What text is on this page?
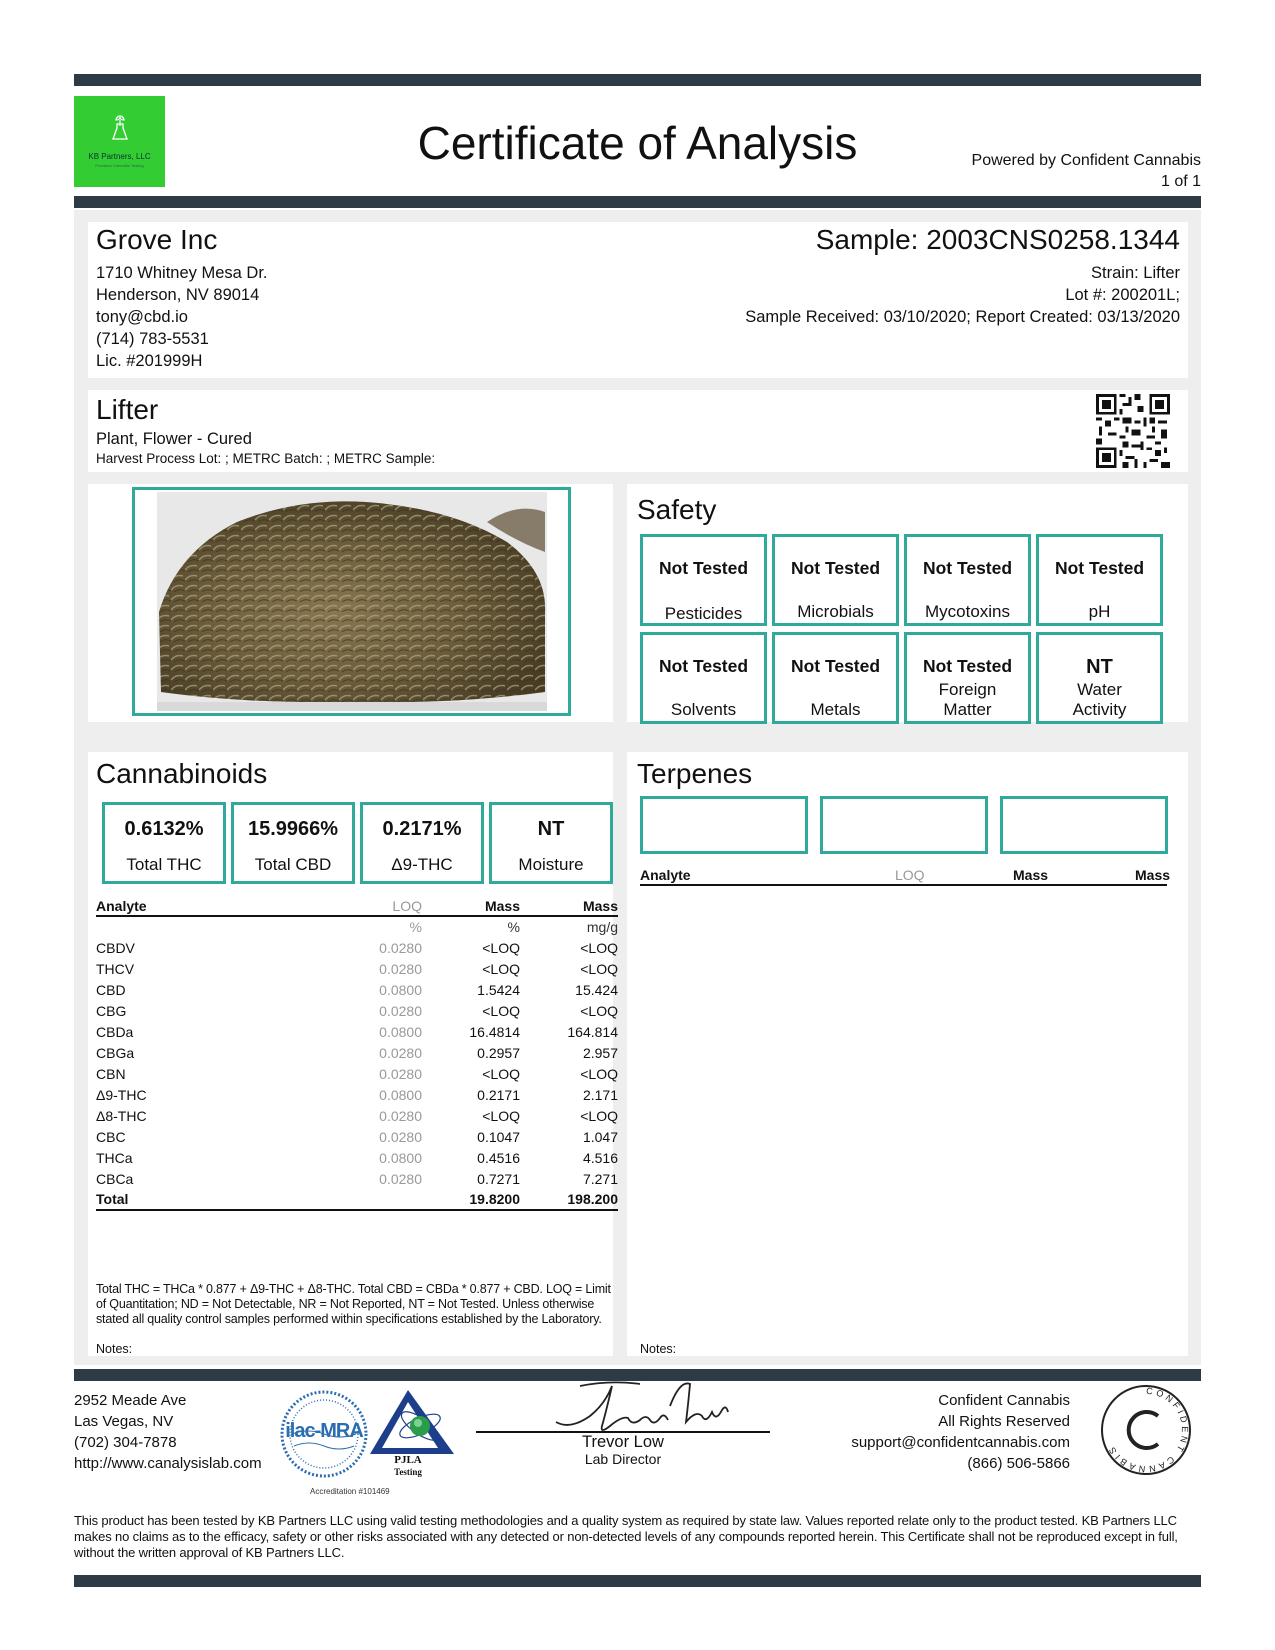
KB Partners, LLC
Precision Cannabis Testing	Certificate of Analysis	Powered by Confident Cannabis
1 of 1
Grove Inc
1710 Whitney Mesa Dr.
Henderson, NV 89014
tony@cbd.io
(714) 783-5531
Lic. #201999H
Sample: 2003CNS0258.1344
Strain: Lifter
Lot #: 200201L;
Sample Received: 03/10/2020; Report Created: 03/13/2020
Lifter
Plant, Flower - Cured
Harvest Process Lot: ; METRC Batch: ; METRC Sample:
Safety
Not Tested
Pesticides
Not Tested
Microbials
Not Tested
Mycotoxins
Not Tested
pH
Not Tested
Solvents
Not Tested
Metals
Not Tested
Foreign
Matter
NT
Water
Activity
Cannabinoids
0.6132%
Total THC
15.9966%
Total CBD
0.2171%
Δ9-THC
NT
Moisture
Analyte	LOQ	Mass	Mass
	%	%	mg/g
CBDV	0.0280	<LOQ	<LOQ
THCV	0.0280	<LOQ	<LOQ
CBD	0.0800	1.5424	15.424
CBG	0.0280	<LOQ	<LOQ
CBDa	0.0800	16.4814	164.814
CBGa	0.0280	0.2957	2.957
CBN	0.0280	<LOQ	<LOQ
Δ9-THC	0.0800	0.2171	2.171
Δ8-THC	0.0280	<LOQ	<LOQ
CBC	0.0280	0.1047	1.047
THCa	0.0800	0.4516	4.516
CBCa	0.0280	0.7271	7.271
Total		19.8200	198.200
Total THC = THCa * 0.877 + Δ9-THC + Δ8-THC. Total CBD = CBDa * 0.877 + CBD. LOQ = Limit of Quantitation; ND = Not Detectable, NR = Not Reported, NT = Not Tested. Unless otherwise stated all quality control samples performed within specifications established by the Laboratory.
Notes:
Terpenes
Analyte	LOQ	Mass	Mass
Notes:
2952 Meade Ave
Las Vegas, NV
(702) 304-7878
http://www.canalysislab.com
ilac-MRA
PJLA
Testing
Accreditation #101469
Trevor Low
Lab Director
Confident Cannabis
All Rights Reserved
support@confidentcannabis.com
(866) 506-5866
CONFIDENT CANNABIS
This product has been tested by KB Partners LLC using valid testing methodologies and a quality system as required by state law. Values reported relate only to the product tested. KB Partners LLC makes no claims as to the efficacy, safety or other risks associated with any detected or non-detected levels of any compounds reported herein. This Certificate shall not be reproduced except in full, without the written approval of KB Partners LLC.
